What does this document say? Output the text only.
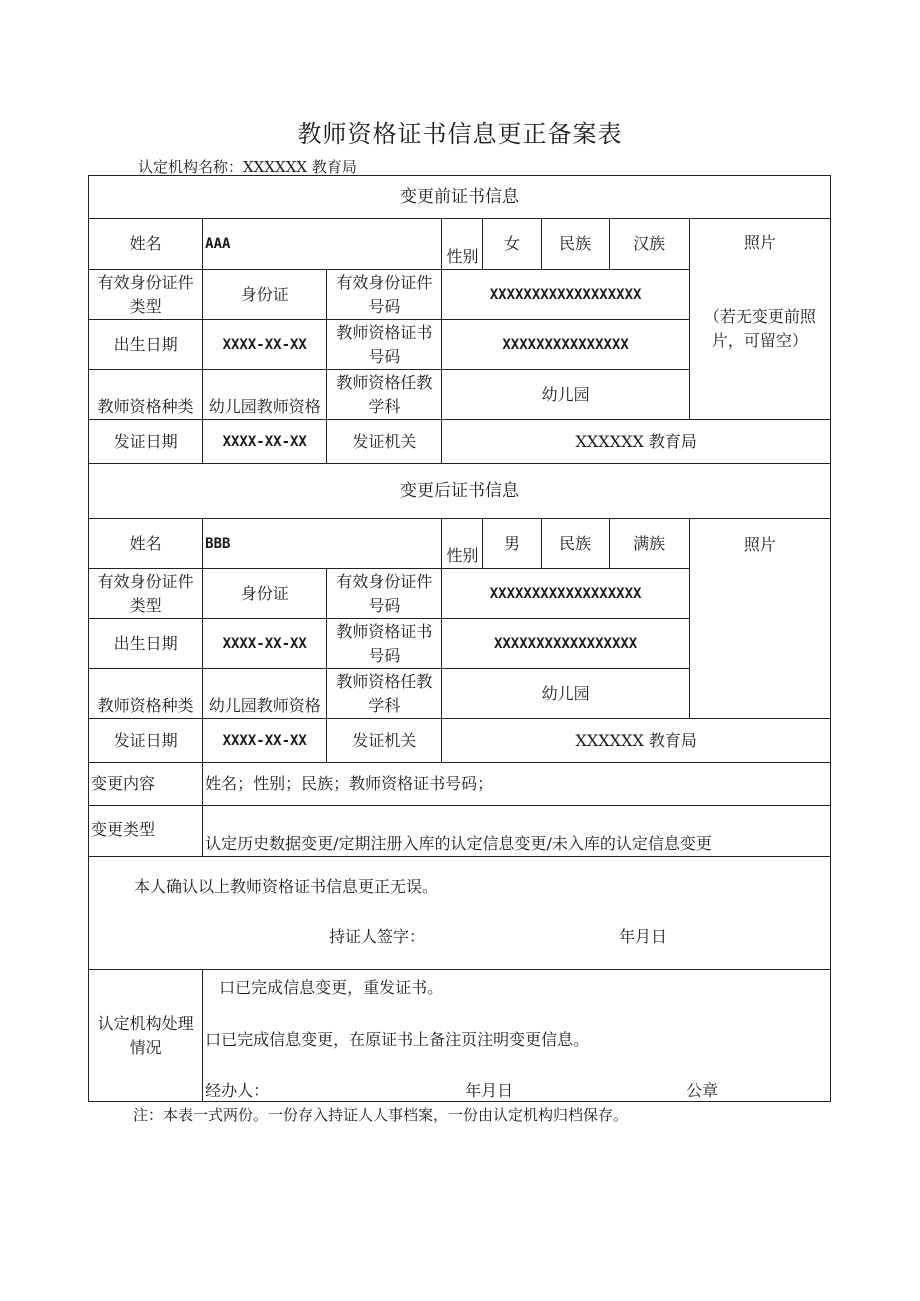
教师资格证书信息更正备案表
认定机构名称：XXXXXX 教育局
变更前证书信息							
姓名	AAA		性别	女	民族	汉族	照片
（若无变更前照片，可留空）

有效身份证件类型	身份证	有效身份证件号码	XXXXXXXXXXXXXXXXXX				
出生日期	XXXX-XX-XX	教师资格证书号码	XXXXXXXXXXXXXXX				
教师资格种类	幼儿园教师资格	教师资格任教学科	幼儿园				
发证日期	XXXX-XX-XX	发证机关	XXXXXX 教育局				
变更后证书信息							
姓名	BBB		性别	男	民族	满族	照片

有效身份证件类型	身份证	有效身份证件号码	XXXXXXXXXXXXXXXXXX				
出生日期	XXXX-XX-XX	教师资格证书号码	XXXXXXXXXXXXXXXXX				
教师资格种类	幼儿园教师资格	教师资格任教学科	幼儿园				
发证日期	XXXX-XX-XX	发证机关	XXXXXX 教育局				
变更内容	姓名；性别；民族；教师资格证书号码；						
变更类型	认定历史数据变更/定期注册入库的认定信息变更/未入库的认定信息变更						

本人确认以上教师资格证书信息更正无误。
持证人签字： 年月日							

认定机构处理情况	口已完成信息变更，重发证书。
口已完成信息变更，在原证书上备注页注明变更信息。
经办人： 年月日 公章						
注：本表一式两份。一份存入持证人人事档案，一份由认定机构归档保存。
